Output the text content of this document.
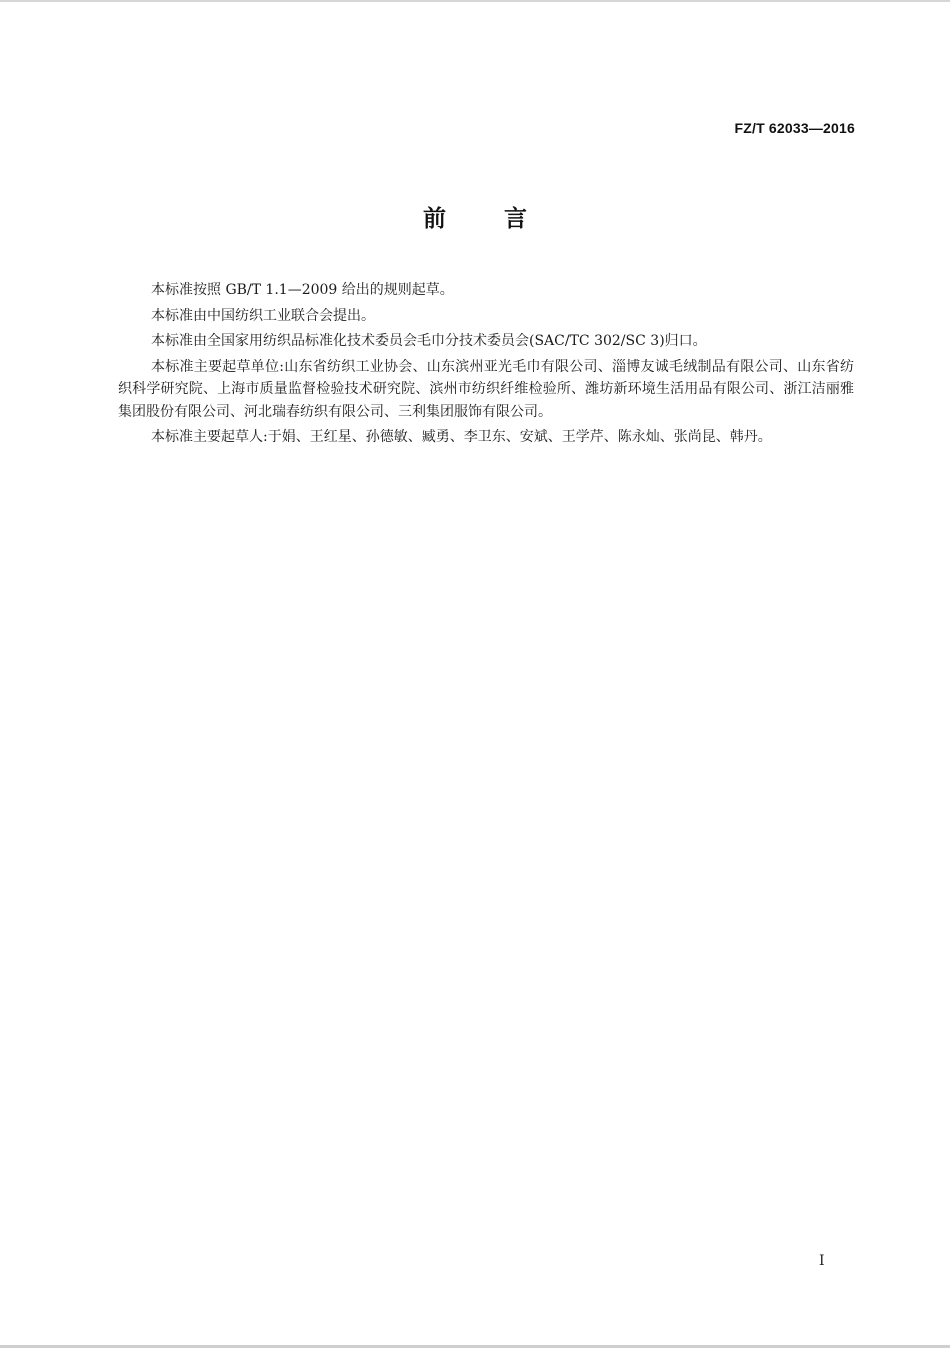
FZ/T 62033—2016
前言

本标准按照 GB/T 1.1—2009 给出的规则起草。

本标准由中国纺织工业联合会提出。

本标准由全国家用纺织品标准化技术委员会毛巾分技术委员会(SAC/TC 302/SC 3)归口。

本标准主要起草单位:山东省纺织工业协会、山东滨州亚光毛巾有限公司、淄博友诚毛绒制品有限公司、山东省纺织科学研究院、上海市质量监督检验技术研究院、滨州市纺织纤维检验所、潍坊新环境生活用品有限公司、浙江洁丽雅集团股份有限公司、河北瑞春纺织有限公司、三利集团服饰有限公司。

本标准主要起草人:于娟、王红星、孙德敏、臧勇、李卫东、安斌、王学芹、陈永灿、张尚昆、韩丹。

I
